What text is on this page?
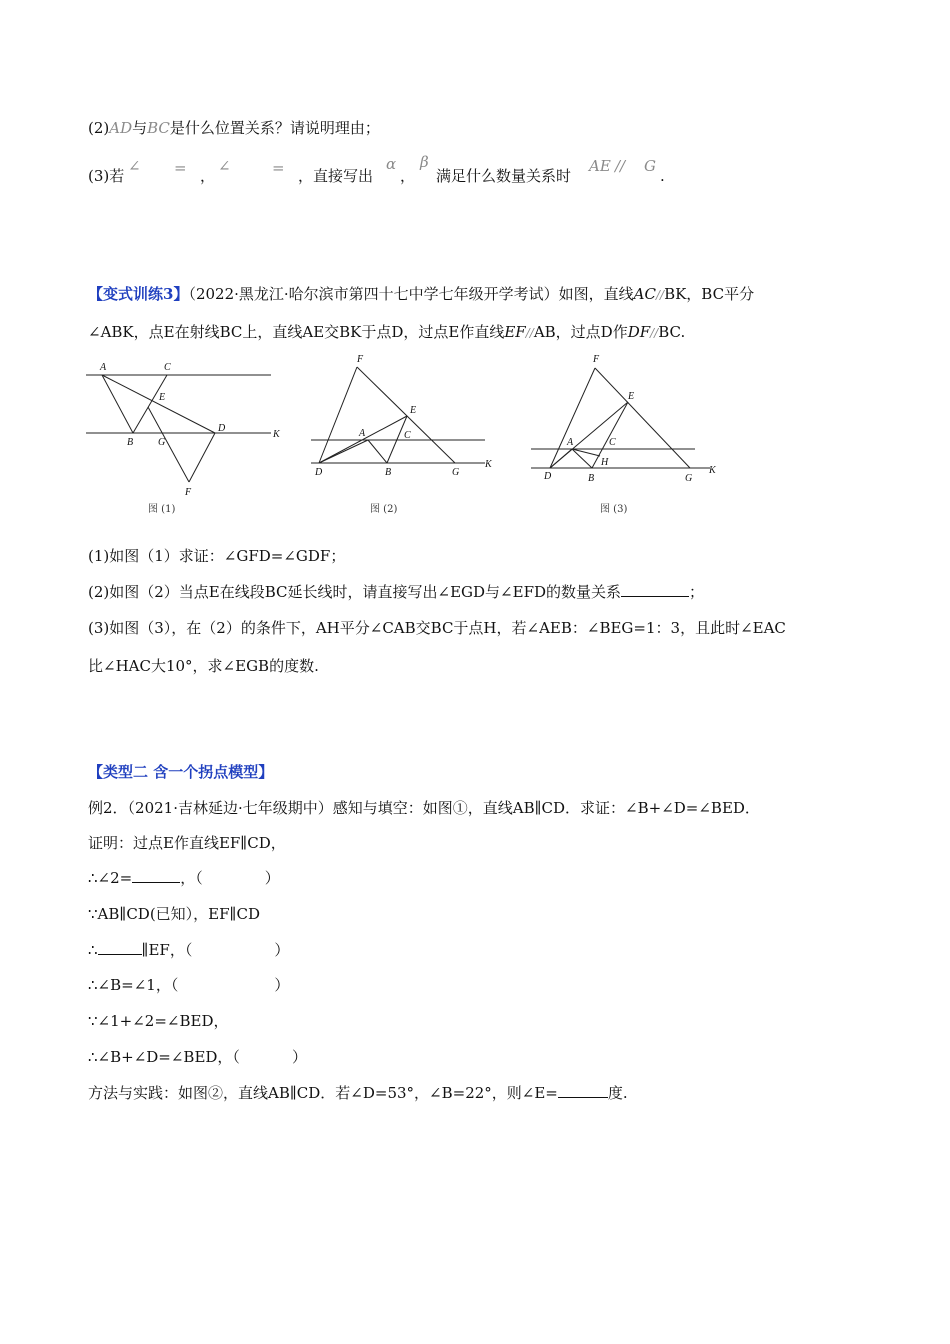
(2)AD与BC是什么位置关系？请说明理由；
(3)若
∠ = ，
∠	= ，直接写出
α
，
β
满足什么数量关系时
AE // G
.
【变式训练3】（2022·黑龙江·哈尔滨市第四十七中学七年级开学考试）如图，直线AC//BK，BC平分
∠ABK，点E在射线BC上，直线AE交BK于点D，过点E作直线EF//AB，过点D作DF//BC.
A	C
E
D
K
B G
F
图 (1)
F
E
A	C
D	B	G
K
图 (2)
F
E
A	C
H
D	B	G
K
图 (3)
(1)如图（1）求证：∠GFD=∠GDF；
(2)如图（2）当点E在线段BC延长线时，请直接写出∠EGD与∠EFD的数量关系	；
(3)如图（3），在（2）的条件下，AH平分∠CAB交BC于点H，若∠AEB：∠BEG=1：3，且此时∠EAC
比∠HAC大10°，求∠EGB的度数.
【类型二 含一个拐点模型】
例2．（2021·吉林延边·七年级期中）感知与填空：如图①，直线AB∥CD．求证：∠B+∠D=∠BED．
证明：过点E作直线EF∥CD，
∴∠2=	，（	）
∵AB∥CD(已知），EF∥CD
∴	∥EF，（	）
∴∠B=∠1，（	）
∵∠1+∠2=∠BED，
∴∠B+∠D=∠BED，（	）
方法与实践：如图②，直线AB∥CD．若∠D=53°，∠B=22°，则∠E=	度.
